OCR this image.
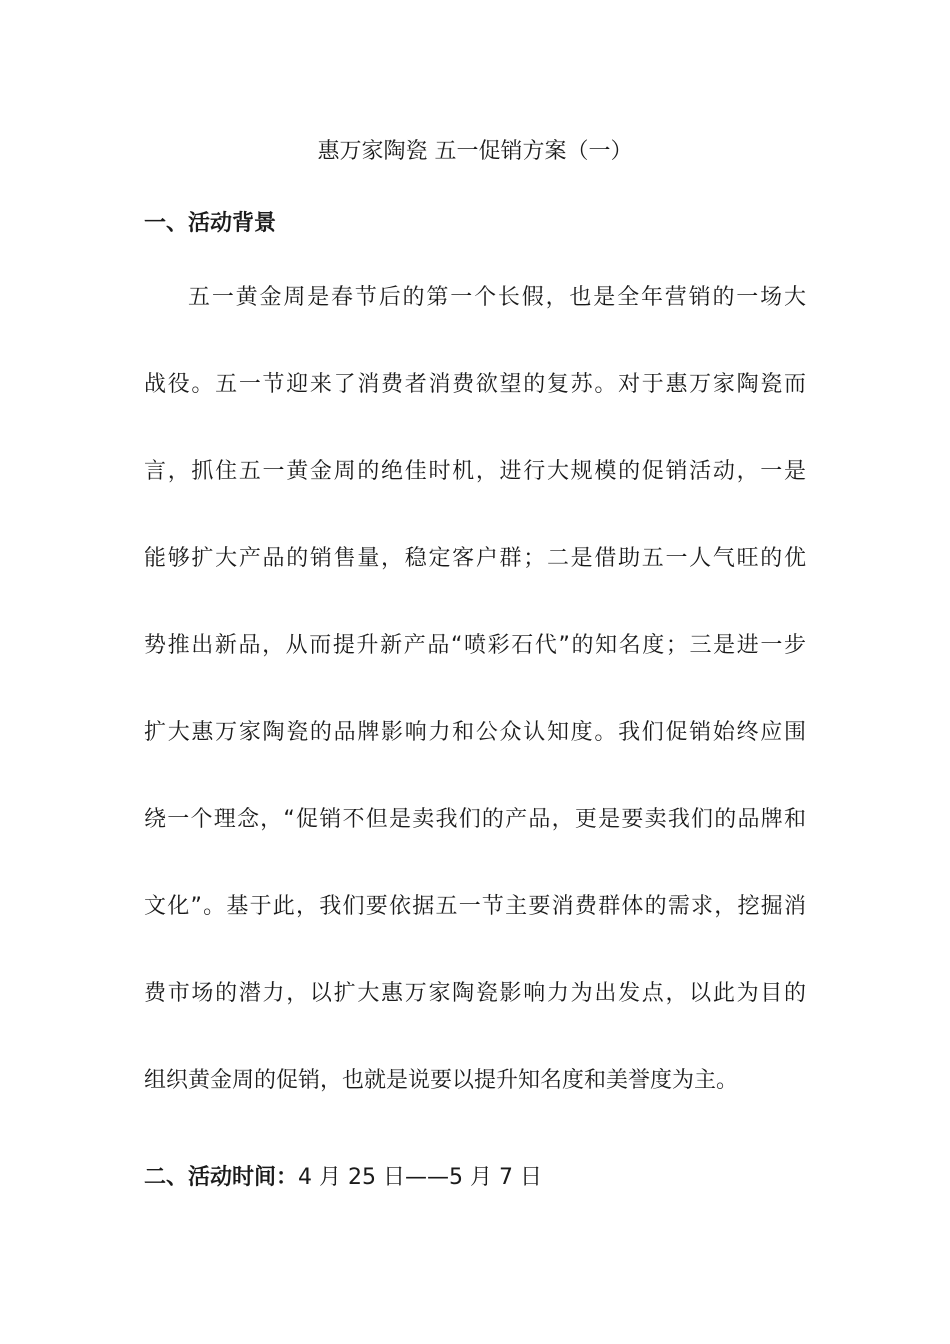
惠万家陶瓷 五一促销方案（一）
一、活动背景
五一黄金周是春节后的第一个长假，也是全年营销的一场大
战役。五一节迎来了消费者消费欲望的复苏。对于惠万家陶瓷而
言，抓住五一黄金周的绝佳时机，进行大规模的促销活动，一是
能够扩大产品的销售量，稳定客户群；二是借助五一人气旺的优
势推出新品，从而提升新产品“喷彩石代”的知名度；三是进一步
扩大惠万家陶瓷的品牌影响力和公众认知度。我们促销始终应围
绕一个理念，“促销不但是卖我们的产品，更是要卖我们的品牌和
文化”。基于此，我们要依据五一节主要消费群体的需求，挖掘消
费市场的潜力，以扩大惠万家陶瓷影响力为出发点，以此为目的
组织黄金周的促销，也就是说要以提升知名度和美誉度为主。
二、活动时间：4 月 25 日——5 月 7 日
